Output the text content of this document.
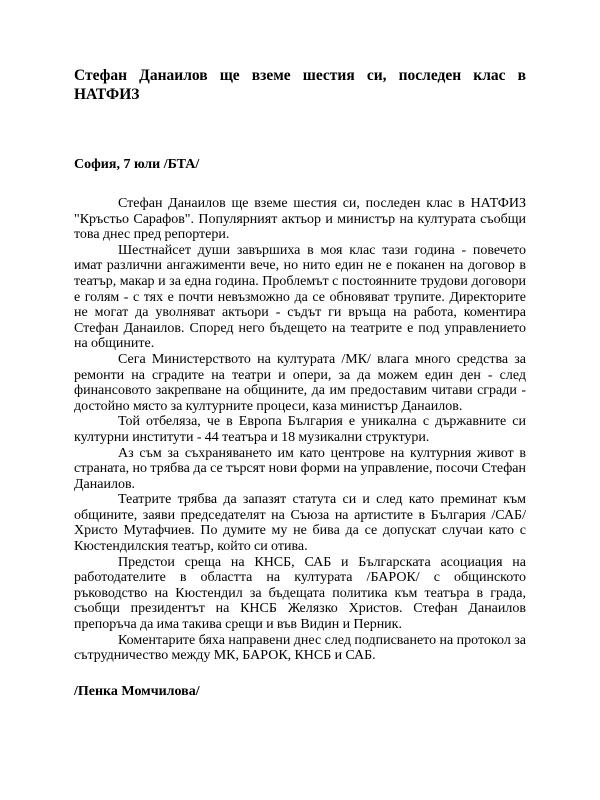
Стефан Данаилов ще вземе шестия си, последен клас в НАТФИЗ
София, 7 юли /БТА/

Стефан Данаилов ще вземе шестия си, последен клас в НАТФИЗ "Кръстьо Сарафов". Популярният актьор и министър на културата съобщи това днес пред репортери.

Шестнайсет души завършиха в моя клас тази година - повечето имат различни ангажименти вече, но нито един не е поканен на договор в театър, макар и за една година. Проблемът с постоянните трудови договори е голям - с тях е почти невъзможно да се обновяват трупите. Директорите не могат да уволняват актьори - съдът ги връща на работа, коментира Стефан Данаилов. Според него бъдещето на театрите е под управлението на общините.

Сега Министерството на културата /МК/ влага много средства за ремонти на сградите на театри и опери, за да можем един ден - след финансовото закрепване на общините, да им предоставим читави сгради - достойно място за културните процеси, каза министър Данаилов.

Той отбеляза, че в Европа България е уникална с държавните си културни институти - 44 театъра и 18 музикални структури.

Аз съм за съхраняването им като центрове на културния живот в страната, но трябва да се търсят нови форми на управление, посочи Стефан Данаилов.

Театрите трябва да запазят статута си и след като преминат към общините, заяви председателят на Съюза на артистите в България /САБ/ Христо Мутафчиев. По думите му не бива да се допускат случаи като с Кюстендилския театър, който си отива.

Предстои среща на КНСБ, САБ и Българската асоциация на работодателите в областта на културата /БАРОК/ с общинското ръководство на Кюстендил за бъдещата политика към театъра в града, съобщи президентът на КНСБ Желязко Христов. Стефан Данаилов препоръча да има такива срещи и във Видин и Перник.

Коментарите бяха направени днес след подписването на протокол за сътрудничество между МК, БАРОК, КНСБ и САБ.

/Пенка Момчилова/
